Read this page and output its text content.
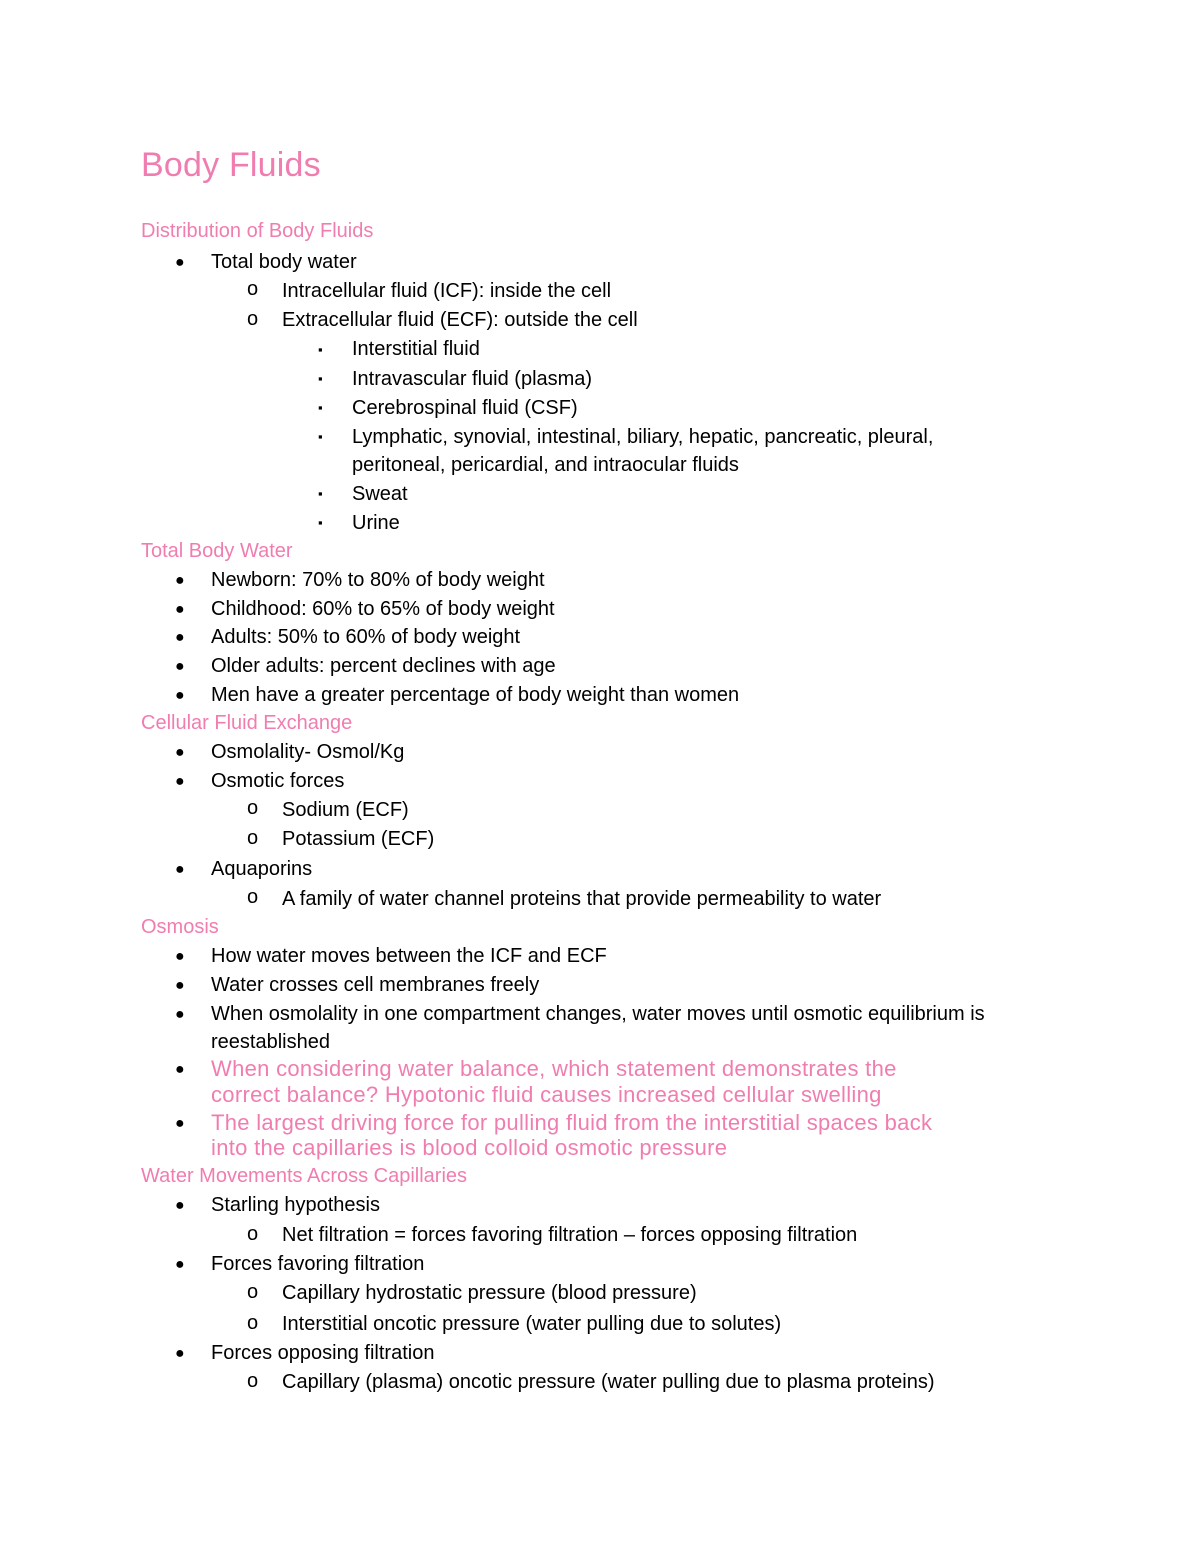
Body Fluids
Distribution of Body Fluids
● Total body water
o Intracellular fluid (ICF): inside the cell
o Extracellular fluid (ECF): outside the cell
▪ Interstitial fluid
▪ Intravascular fluid (plasma)
▪ Cerebrospinal fluid (CSF)
▪ Lymphatic, synovial, intestinal, biliary, hepatic, pancreatic, pleural,
peritoneal, pericardial, and intraocular fluids
▪ Sweat
▪ Urine
Total Body Water
● Newborn: 70% to 80% of body weight
● Childhood: 60% to 65% of body weight
● Adults: 50% to 60% of body weight
● Older adults: percent declines with age
● Men have a greater percentage of body weight than women
Cellular Fluid Exchange
● Osmolality- Osmol/Kg
● Osmotic forces
o Sodium (ECF)
o Potassium (ECF)
● Aquaporins
o A family of water channel proteins that provide permeability to water
Osmosis
● How water moves between the ICF and ECF
● Water crosses cell membranes freely
● When osmolality in one compartment changes, water moves until osmotic equilibrium is
reestablished
● When considering water balance, which statement demonstrates the
correct balance? Hypotonic fluid causes increased cellular swelling
● The largest driving force for pulling fluid from the interstitial spaces back
into the capillaries is blood colloid osmotic pressure
Water Movements Across Capillaries
● Starling hypothesis
o Net filtration = forces favoring filtration – forces opposing filtration
● Forces favoring filtration
o Capillary hydrostatic pressure (blood pressure)
o Interstitial oncotic pressure (water pulling due to solutes)
● Forces opposing filtration
o Capillary (plasma) oncotic pressure (water pulling due to plasma proteins)
